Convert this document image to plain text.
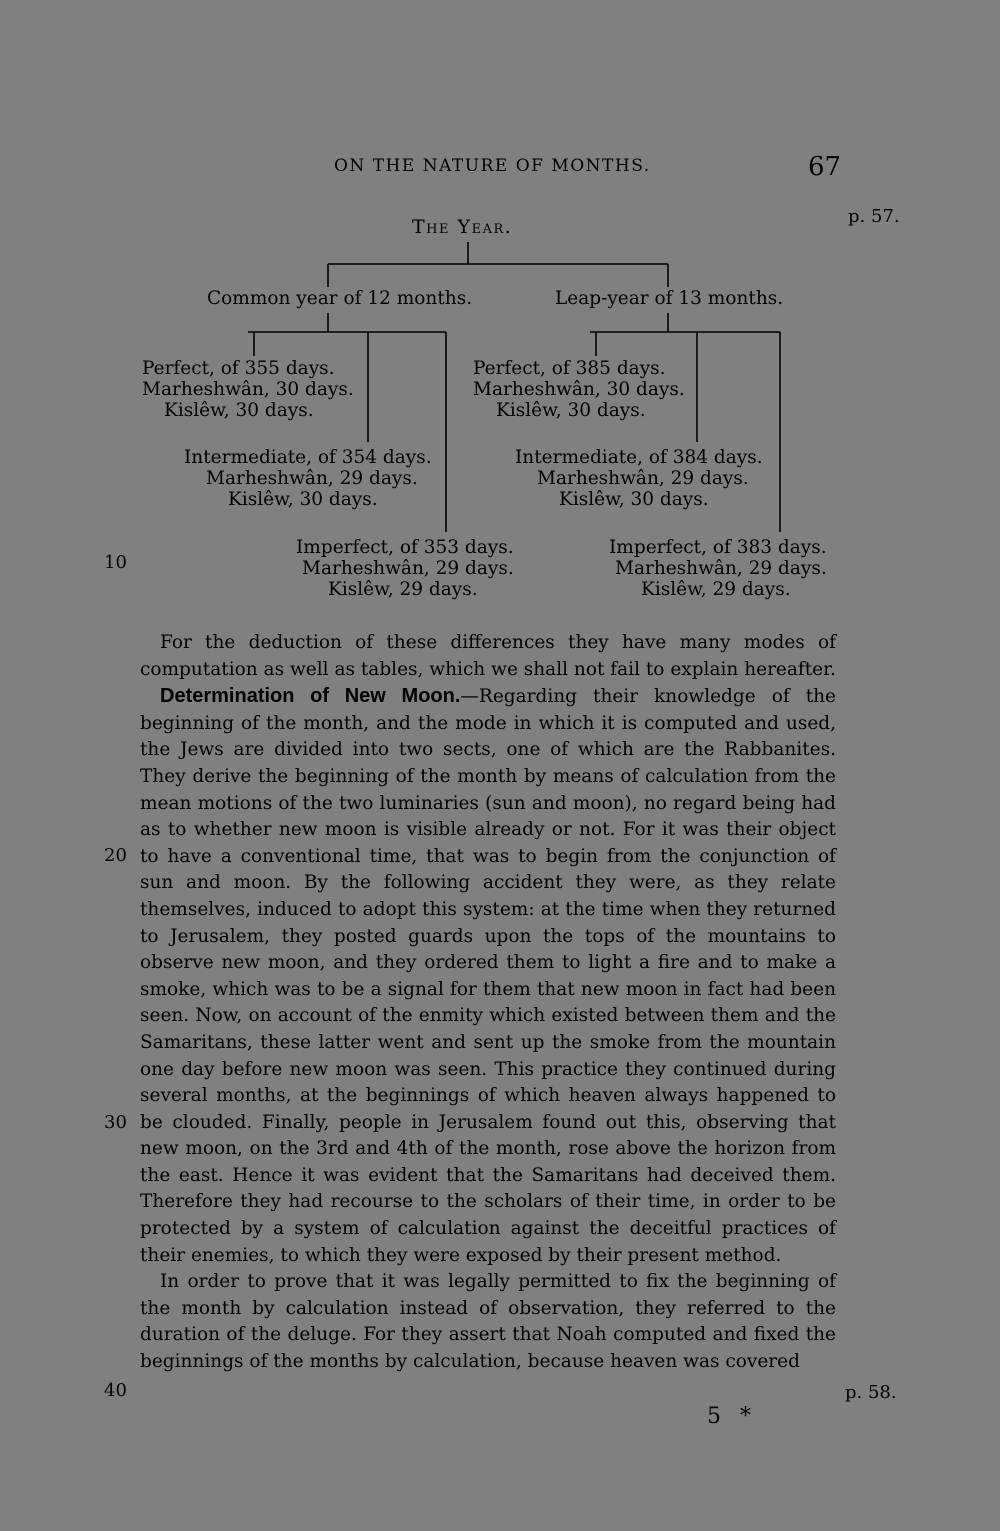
ON THE NATURE OF MONTHS.	67
p. 57.
p. 58.
10
20
30
40
The Year.
Common year of 12 months.	Leap-year of 13 months.
Perfect, of 355 days.
Marheshwân, 30 days.
Kislêw, 30 days.
Intermediate, of 354 days.
Marheshwân, 29 days.
Kislêw, 30 days.
Imperfect, of 353 days.
Marheshwân, 29 days.
Kislêw, 29 days.
Perfect, of 385 days.
Marheshwân, 30 days.
Kislêw, 30 days.
Intermediate, of 384 days.
Marheshwân, 29 days.
Kislêw, 30 days.
Imperfect, of 383 days.
Marheshwân, 29 days.
Kislêw, 29 days.

For the deduction of these differences they have many modes of computation as well as tables, which we shall not fail to explain hereafter.

Determination of New Moon.—Regarding their knowledge of the beginning of the month, and the mode in which it is computed and used, the Jews are divided into two sects, one of which are the Rabbanites. They derive the beginning of the month by means of calculation from the mean motions of the two luminaries (sun and moon), no regard being had as to whether new moon is visible already or not. For it was their object to have a conventional time, that was to begin from the conjunction of sun and moon. By the following accident they were, as they relate themselves, induced to adopt this system: at the time when they returned to Jerusalem, they posted guards upon the tops of the mountains to observe new moon, and they ordered them to light a fire and to make a smoke, which was to be a signal for them that new moon in fact had been seen. Now, on account of the enmity which existed between them and the Samaritans, these latter went and sent up the smoke from the mountain one day before new moon was seen. This practice they continued during several months, at the beginnings of which heaven always happened to be clouded. Finally, people in Jerusalem found out this, observing that new moon, on the 3rd and 4th of the month, rose above the horizon from the east. Hence it was evident that the Samaritans had deceived them. Therefore they had recourse to the scholars of their time, in order to be protected by a system of calculation against the deceitful practices of their enemies, to which they were exposed by their present method.

In order to prove that it was legally permitted to fix the beginning of the month by calculation instead of observation, they referred to the duration of the deluge. For they assert that Noah computed and fixed the beginnings of the months by calculation, because heaven was covered

5 *
